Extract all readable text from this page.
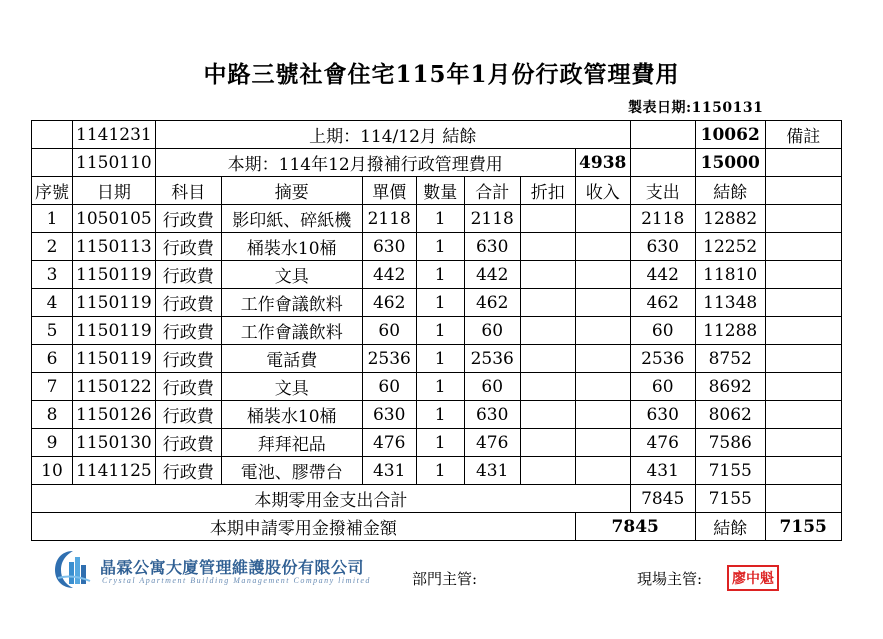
中路三號社會住宅115年1月份行政管理費用
製表日期:1150131
	1141231	上期：114/12月 結餘								10062	備註
	1150110	本期：114年12月撥補行政管理費用						4938		15000	
序號	日期	科目	摘要	單價	數量	合計	折扣	收入	支出	結餘	
1	1050105	行政費	影印紙、碎紙機	2118	1	2118			2118	12882	
2	1150113	行政費	桶裝水10桶	630	1	630			630	12252	
3	1150119	行政費	文具	442	1	442			442	11810	
4	1150119	行政費	工作會議飲料	462	1	462			462	11348	
5	1150119	行政費	工作會議飲料	60	1	60			60	11288	
6	1150119	行政費	電話費	2536	1	2536			2536	8752	
7	1150122	行政費	文具	60	1	60			60	8692	
8	1150126	行政費	桶裝水10桶	630	1	630			630	8062	
9	1150130	行政費	拜拜祀品	476	1	476			476	7586	
10	1141125	行政費	電池、膠帶台	431	1	431			431	7155	
本期零用金支出合計									7845	7155	
本期申請零用金撥補金額								7845		結餘	7155
晶霖公寓大廈管理維護股份有限公司
Crystal Apartment Building Management Company limited	部門主管:	現場主管:	廖中魁
